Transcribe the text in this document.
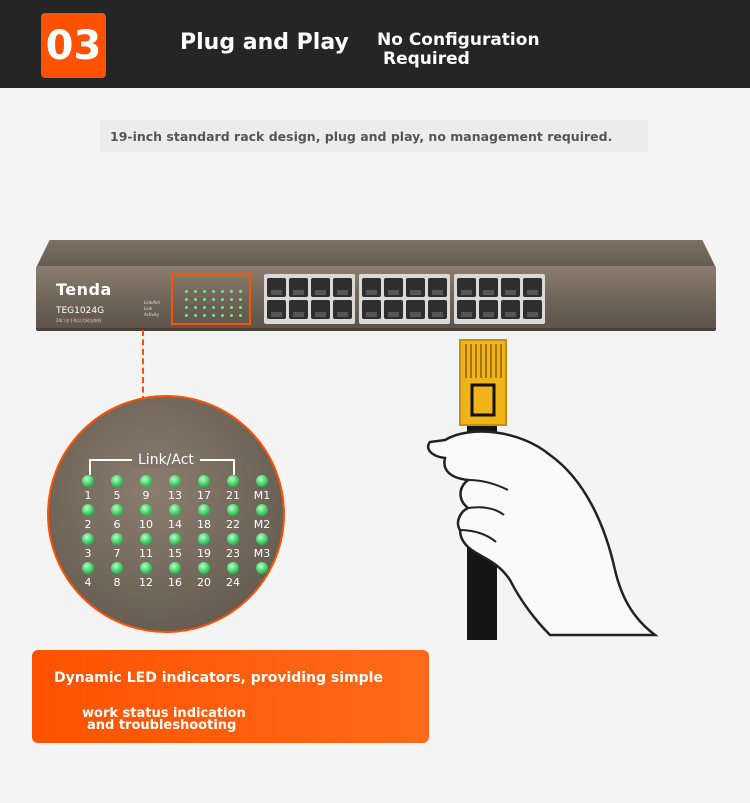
03	Plug and Play No Configuration
Required
19-inch standard rack design, plug and play, no management required.
Tenda
TEG1024G
24口全千兆以太网交换机
Link/Act
Link
Activity
Link/Act
1
2
3
4
5
6
7
8
9
10
11
12
13
14
15
16
17
18
19
20
21
22
23
24
M1
M2
M3
Dynamic LED indicators, providing simple
work status indication
and troubleshooting
